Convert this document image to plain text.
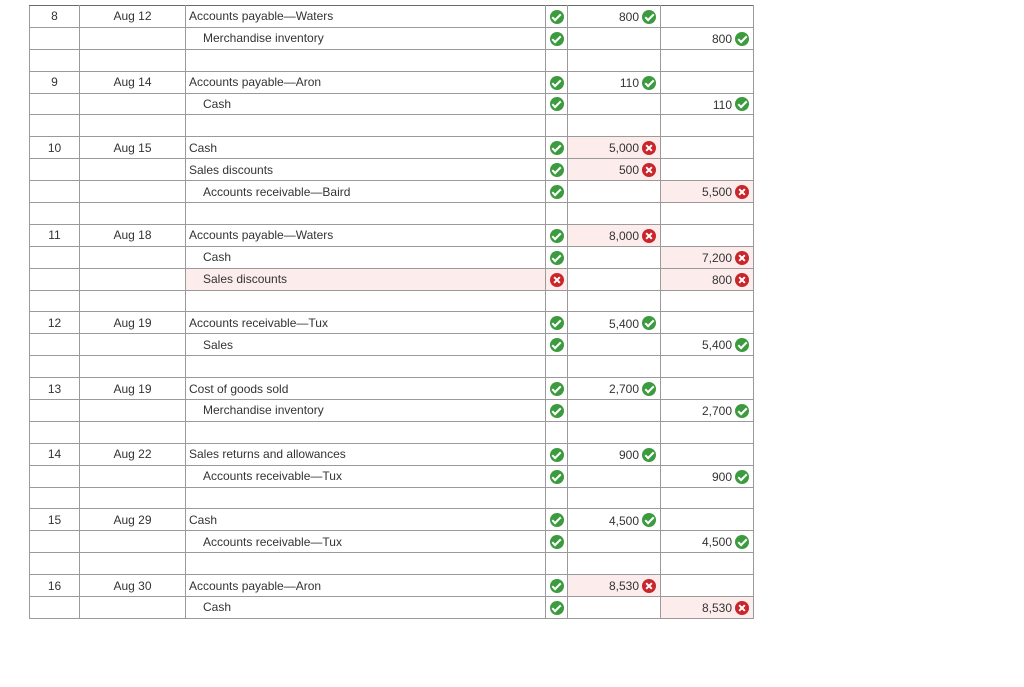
8	Aug 12	Accounts payable—Waters		800	
		Merchandise inventory			800

9	Aug 14	Accounts payable—Aron		110	
		Cash			110

10	Aug 15	Cash		5,000	
		Sales discounts		500	
		Accounts receivable—Baird			5,500

11	Aug 18	Accounts payable—Waters		8,000	
		Cash			7,200
		Sales discounts			800

12	Aug 19	Accounts receivable—Tux		5,400	
		Sales			5,400

13	Aug 19	Cost of goods sold		2,700	
		Merchandise inventory			2,700

14	Aug 22	Sales returns and allowances		900	
		Accounts receivable—Tux			900

15	Aug 29	Cash		4,500	
		Accounts receivable—Tux			4,500

16	Aug 30	Accounts payable—Aron		8,530	
		Cash			8,530
